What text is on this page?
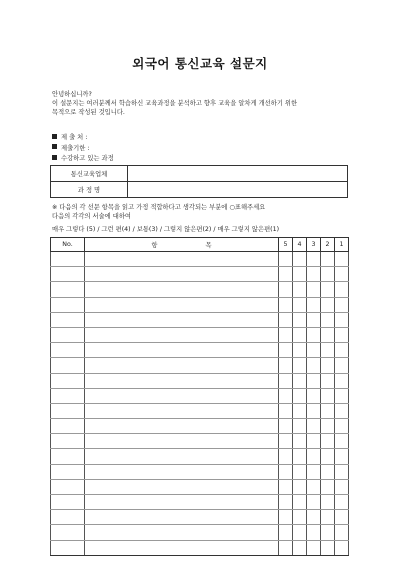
외국어 통신교육 설문지
안녕하십니까?
이 설문지는 여러분께서 학습하신 교육과정을 분석하고 향후 교육을 알차게 개선하기 위한
목적으로 작성된 것입니다.
제 출 처 :
제출기한 :
수강하고 있는 과정
통신교육업체	
과 정 명	
※ 다음의 각 선문 항목을 읽고 가정 적합하다고 생각되는 부분에 ○표해주세요
다음의 각각의 서술에 대하여
매우 그렇다 (5) / 그런 편(4) / 보통(3) / 그렇지 않은편(2) / 매우 그렇지 않은편(1)
No.	항목	5	4	3	2	1
